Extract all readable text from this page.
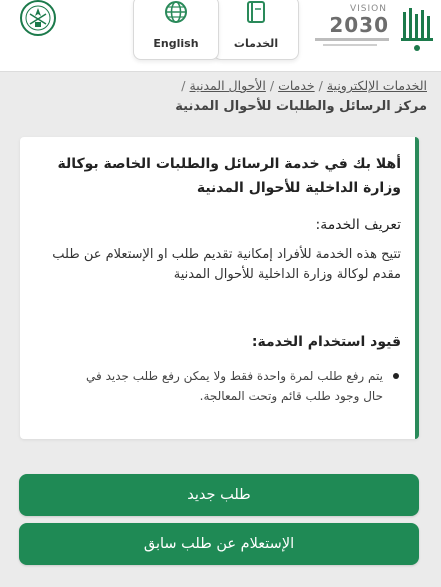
VISION
2030
الخدمات
English
الخدمات الإلكترونية/خدمات/الأحوال المدنية/
مركز الرسائل والطلبات للأحوال المدنية
أهلا بك في خدمة الرسائل والطلبات الخاصة بوكالة وزارة الداخلية للأحوال المدنية
تعريف الخدمة:
تتيح هذه الخدمة للأفراد إمكانية تقديم طلب او الإستعلام عن طلب مقدم لوكالة وزارة الداخلية للأحوال المدنية
قيود استخدام الخدمة:
يتم رفع طلب لمرة واحدة فقط ولا يمكن رفع طلب جديد في حال وجود طلب قائم وتحت المعالجة.
طلب جديد
الإستعلام عن طلب سابق
